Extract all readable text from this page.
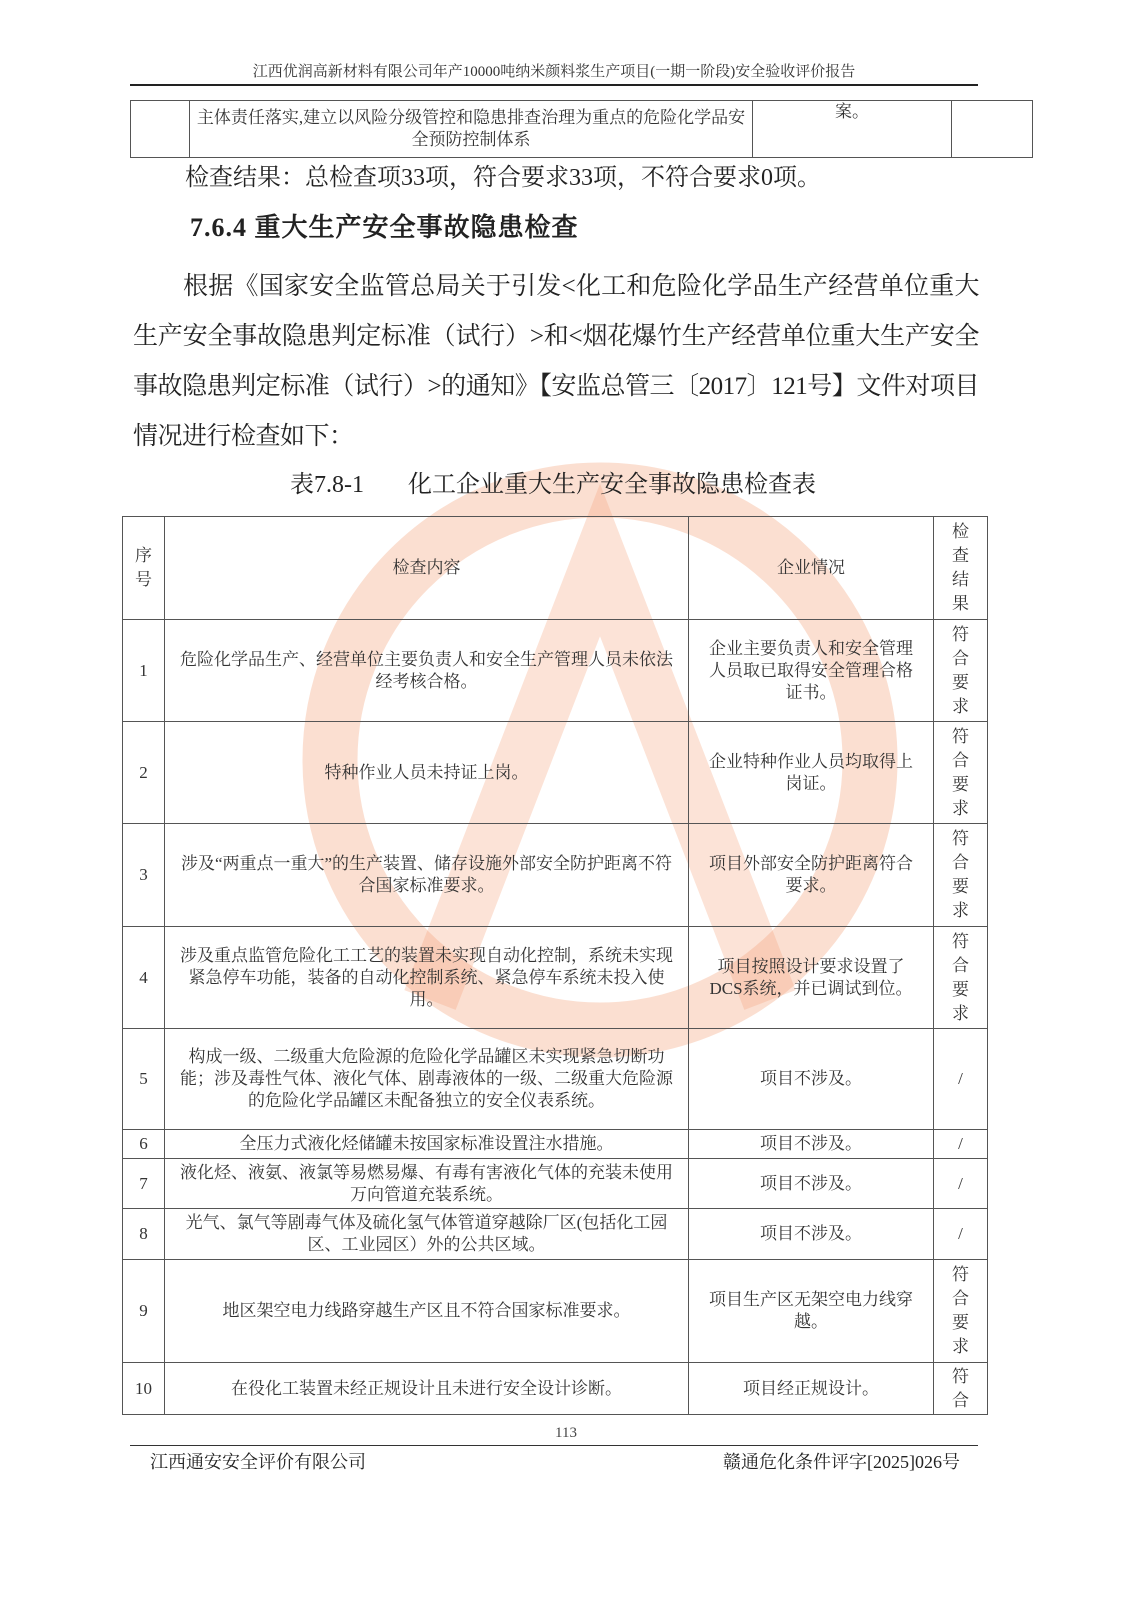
江西优润高新材料有限公司年产10000吨纳米颜料浆生产项目(一期一阶段)安全验收评价报告
	主体责任落实,建立以风险分级管控和隐患排查治理为重点的危险化学品安全预防控制体系	案。	
检查结果：总检查项33项，符合要求33项，不符合要求0项。
7.6.4 重大生产安全事故隐患检查
根据《国家安全监管总局关于引发<化工和危险化学品生产经营单位重大生产安全事故隐患判定标准（试行）>和<烟花爆竹生产经营单位重大生产安全事故隐患判定标准（试行）>的通知》【安监总管三〔2017〕121号】文件对项目情况进行检查如下：
表7.8-1 化工企业重大生产安全事故隐患检查表
序号	检查内容	企业情况	检查结果

1	危险化学品生产、经营单位主要负责人和安全生产管理人员未依法经考核合格。	企业主要负责人和安全管理人员取已取得安全管理合格证书。	符合要求

2	特种作业人员未持证上岗。	企业特种作业人员均取得上岗证。	符合要求

3	涉及“两重点一重大”的生产装置、储存设施外部安全防护距离不符合国家标准要求。	项目外部安全防护距离符合要求。	符合要求

4	涉及重点监管危险化工工艺的装置未实现自动化控制，系统未实现紧急停车功能，装备的自动化控制系统、紧急停车系统未投入使用。	项目按照设计要求设置了DCS系统，并已调试到位。	符合要求

5	构成一级、二级重大危险源的危险化学品罐区未实现紧急切断功能；涉及毒性气体、液化气体、剧毒液体的一级、二级重大危险源的危险化学品罐区未配备独立的安全仪表系统。	项目不涉及。	/
6	全压力式液化烃储罐未按国家标准设置注水措施。	项目不涉及。	/
7	液化烃、液氨、液氯等易燃易爆、有毒有害液化气体的充装未使用万向管道充装系统。	项目不涉及。	/
8	光气、氯气等剧毒气体及硫化氢气体管道穿越除厂区(包括化工园区、工业园区）外的公共区域。	项目不涉及。	/
9	地区架空电力线路穿越生产区且不符合国家标准要求。	项目生产区无架空电力线穿越。	符合要求

10	在役化工装置未经正规设计且未进行安全设计诊断。	项目经正规设计。	符合
113
江西通安安全评价有限公司	赣通危化条件评字[2025]026号
